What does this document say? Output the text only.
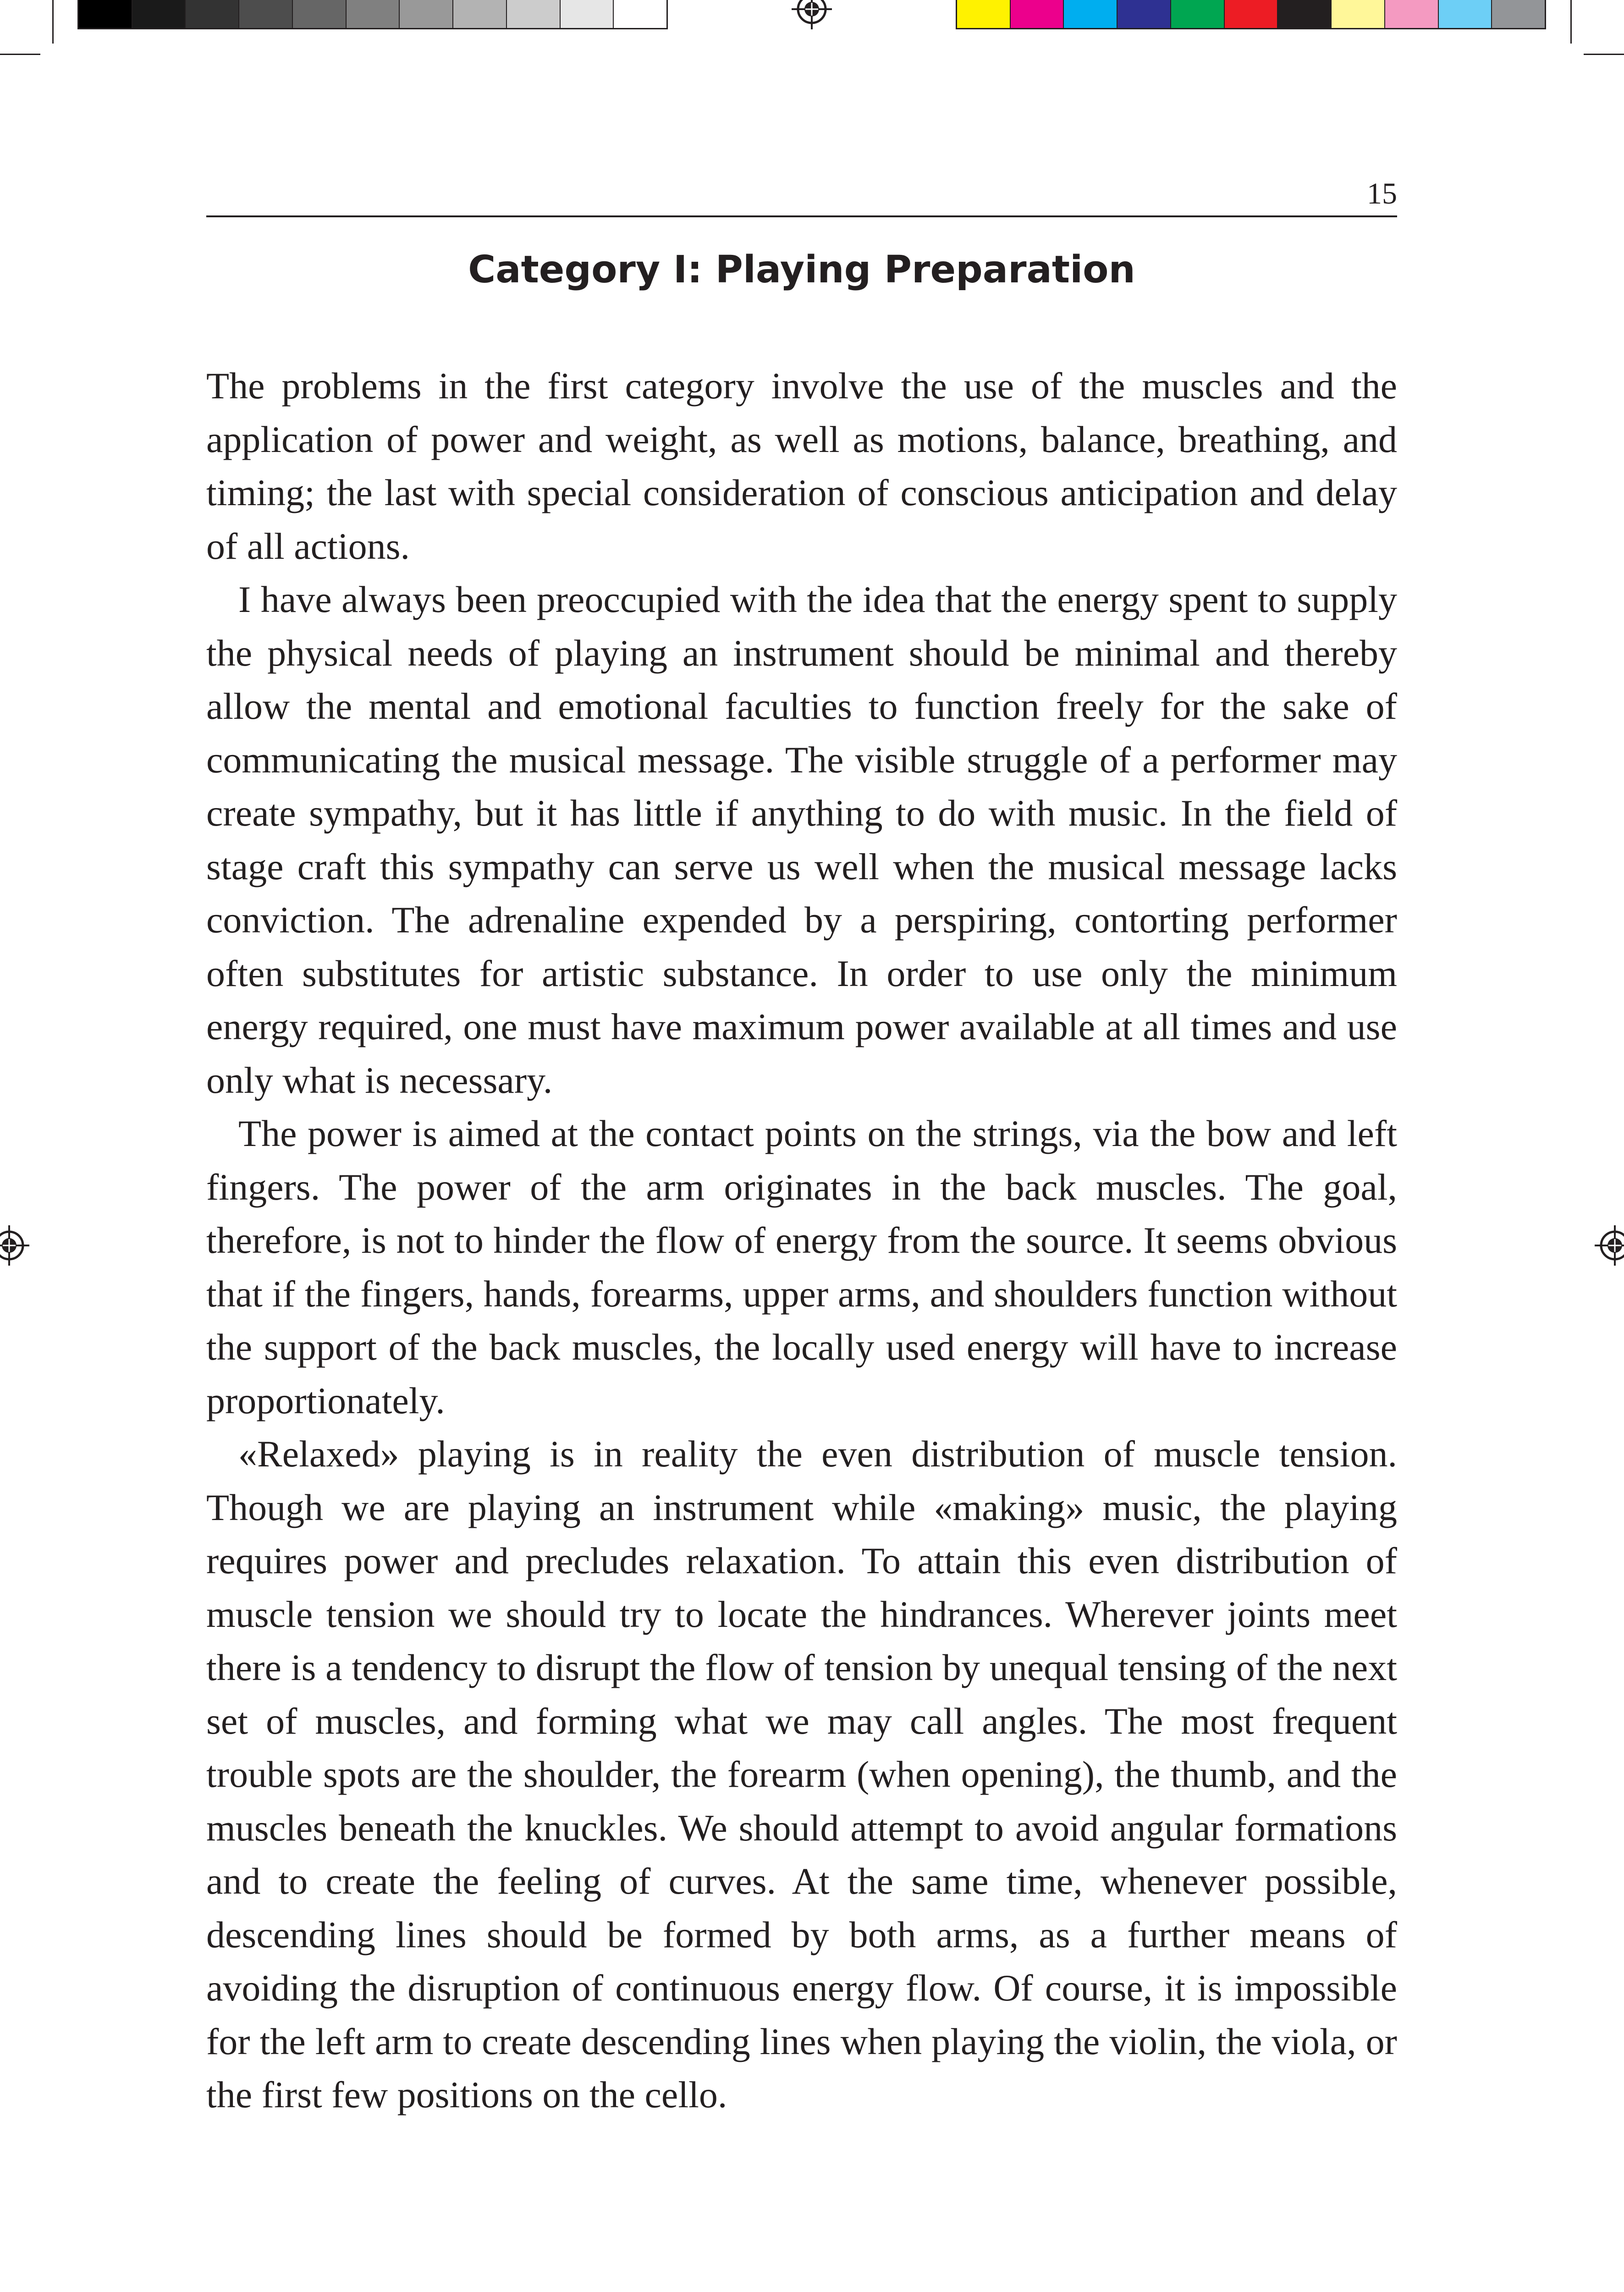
15
Category I: Playing Preparation

The problems in the first category involve the use of the muscles and the application of power and weight, as well as motions, balance, breathing, and timing; the last with special consideration of conscious anticipation and delay of all actions.

I have always been preoccupied with the idea that the energy spent to supply the physical needs of playing an instrument should be minimal and thereby allow the mental and emotional faculties to function freely for the sake of communicating the musical message. The visible struggle of a performer may create sympathy, but it has little if anything to do with music. In the field of stage craft this sympathy can serve us well when the musical message lacks conviction. The adrenaline expended by a perspiring, contorting performer often substitutes for artistic substance. In order to use only the minimum energy required, one must have maximum power available at all times and use only what is necessary.

The power is aimed at the contact points on the strings, via the bow and left fingers. The power of the arm originates in the back muscles. The goal, therefore, is not to hinder the flow of energy from the source. It seems obvious that if the fingers, hands, forearms, upper arms, and shoulders function without the support of the back muscles, the locally used energy will have to increase proportionately.

«Relaxed» playing is in reality the even distribution of muscle tension. Though we are playing an instrument while «making» music, the playing requires power and precludes relaxation. To attain this even distribution of muscle tension we should try to locate the hindrances. Wherever joints meet there is a tendency to disrupt the flow of tension by unequal tensing of the next set of muscles, and forming what we may call angles. The most frequent trouble spots are the shoulder, the forearm (when opening), the thumb, and the muscles beneath the knuckles. We should attempt to avoid angular formations and to create the feeling of curves. At the same time, whenever possible, descending lines should be formed by both arms, as a further means of avoiding the disruption of continuous energy flow. Of course, it is impossible for the left arm to create descending lines when playing the violin, the viola, or the first few positions on the cello.
